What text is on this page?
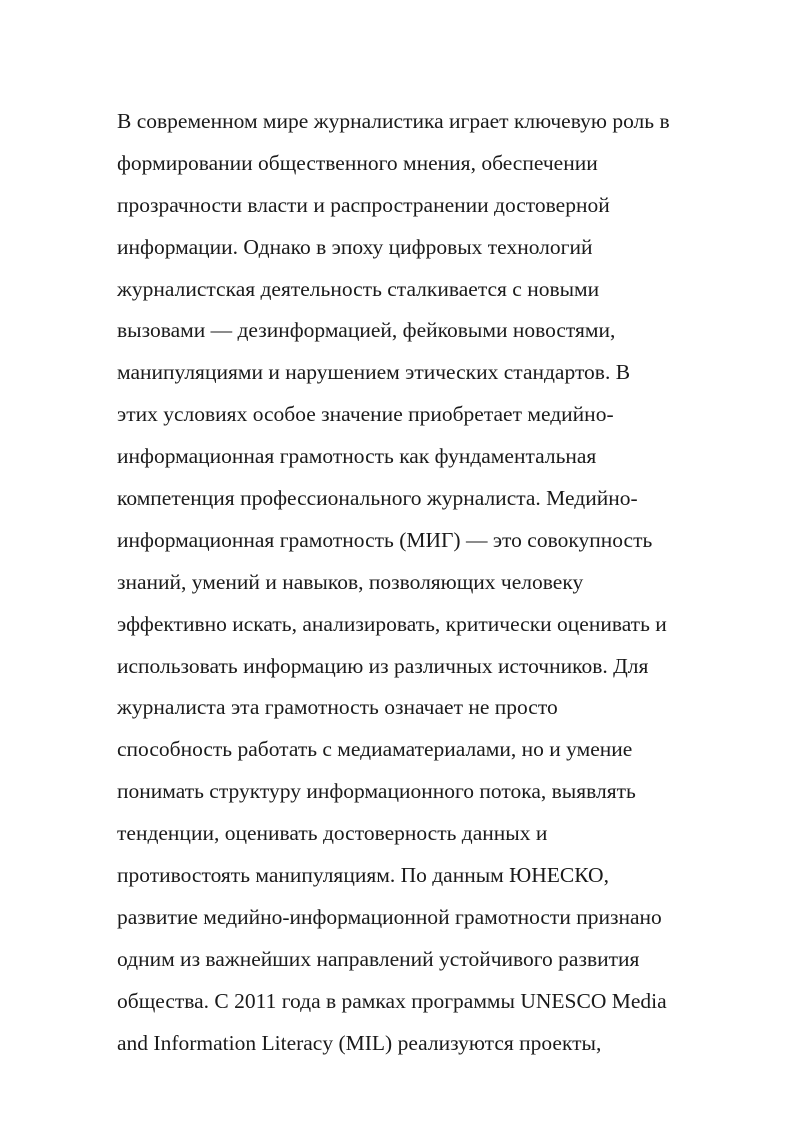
В современном мире журналистика играет ключевую роль в
формировании общественного мнения, обеспечении
прозрачности власти и распространении достоверной
информации. Однако в эпоху цифровых технологий
журналистская деятельность сталкивается с новыми
вызовами — дезинформацией, фейковыми новостями,
манипуляциями и нарушением этических стандартов. В
этих условиях особое значение приобретает медийно-
информационная грамотность как фундаментальная
компетенция профессионального журналиста. Медийно-
информационная грамотность (МИГ) — это совокупность
знаний, умений и навыков, позволяющих человеку
эффективно искать, анализировать, критически оценивать и
использовать информацию из различных источников. Для
журналиста эта грамотность означает не просто
способность работать с медиаматериалами, но и умение
понимать структуру информационного потока, выявлять
тенденции, оценивать достоверность данных и
противостоять манипуляциям. По данным ЮНЕСКО,
развитие медийно-информационной грамотности признано
одним из важнейших направлений устойчивого развития
общества. С 2011 года в рамках программы UNESCO Media
and Information Literacy (MIL) реализуются проекты,
